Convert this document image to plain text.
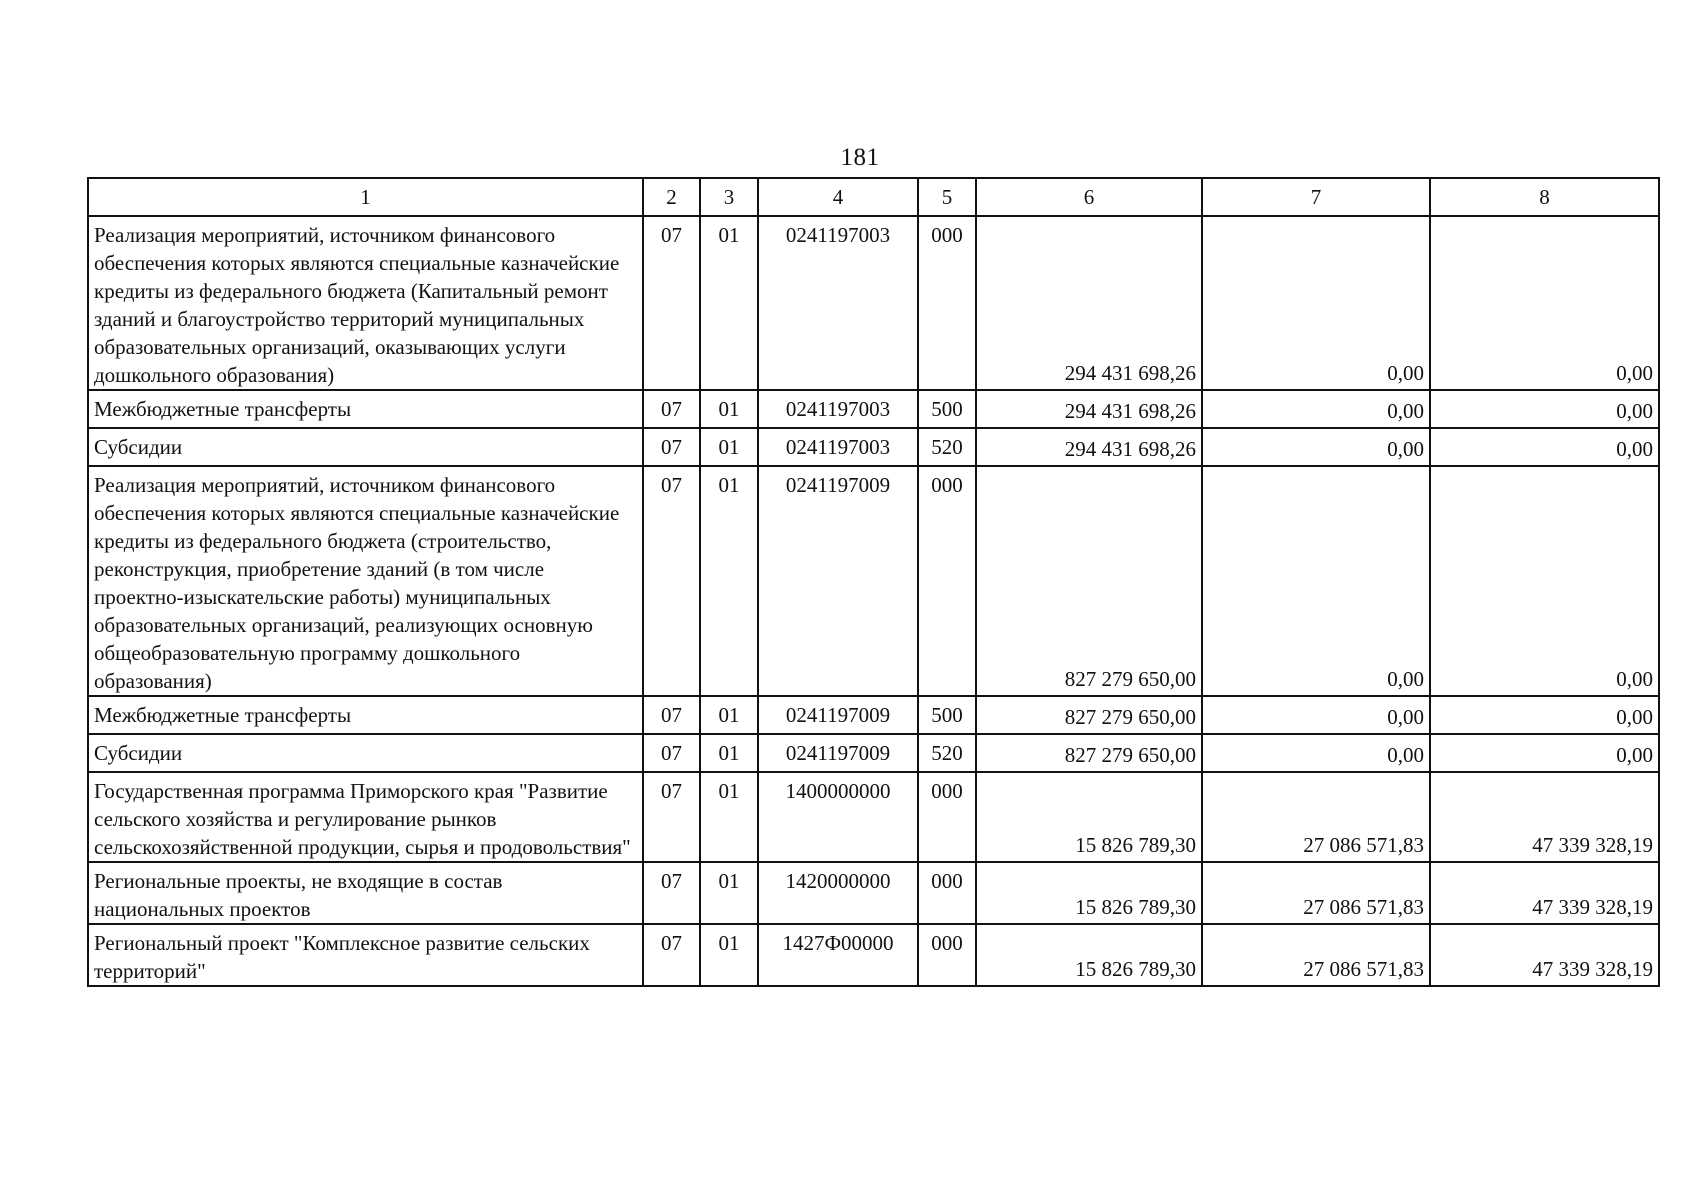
181
1	2	3	4	5	6	7	8
Реализация мероприятий, источником финансового обеспечения которых являются специальные казначейские кредиты из федерального бюджета (Капитальный ремонт зданий и благоустройство территорий муниципальных образовательных организаций, оказывающих услуги дошкольного образования)	07	01	0241197003	000	294 431 698,26	0,00	0,00
Межбюджетные трансферты	07	01	0241197003	500	294 431 698,26	0,00	0,00
Субсидии	07	01	0241197003	520	294 431 698,26	0,00	0,00
Реализация мероприятий, источником финансового обеспечения которых являются специальные казначейские кредиты из федерального бюджета (строительство, реконструкция, приобретение зданий (в том числе проектно-изыскательские работы) муниципальных образовательных организаций, реализующих основную общеобразовательную программу дошкольного образования)	07	01	0241197009	000	827 279 650,00	0,00	0,00
Межбюджетные трансферты	07	01	0241197009	500	827 279 650,00	0,00	0,00
Субсидии	07	01	0241197009	520	827 279 650,00	0,00	0,00
Государственная программа Приморского края "Развитие сельского хозяйства и регулирование рынков сельскохозяйственной продукции, сырья и продовольствия"	07	01	1400000000	000	15 826 789,30	27 086 571,83	47 339 328,19
Региональные проекты, не входящие в состав национальных проектов	07	01	1420000000	000	15 826 789,30	27 086 571,83	47 339 328,19
Региональный проект "Комплексное развитие сельских территорий"	07	01	1427Ф00000	000	15 826 789,30	27 086 571,83	47 339 328,19
